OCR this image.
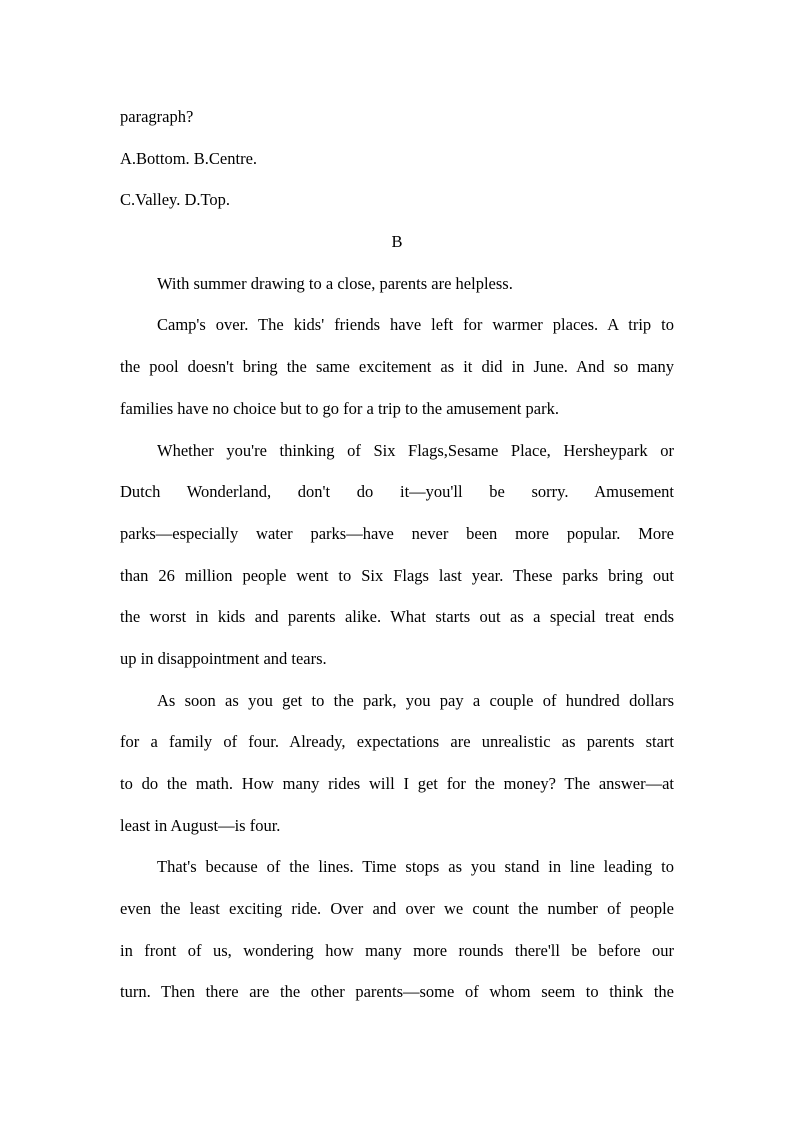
paragraph?
A.Bottom. B.Centre.
C.Valley. D.Top.
B
With summer drawing to a close, parents are helpless.
Camp's over. The kids' friends have left for warmer places. A trip to
the pool doesn't bring the same excitement as it did in June. And so many
families have no choice but to go for a trip to the amusement park.
Whether you're thinking of Six Flags,Sesame Place, Hersheypark or
Dutch Wonderland, don't do it—you'll be sorry. Amusement
parks—especially water parks—have never been more popular. More
than 26 million people went to Six Flags last year. These parks bring out
the worst in kids and parents alike. What starts out as a special treat ends
up in disappointment and tears.
As soon as you get to the park, you pay a couple of hundred dollars
for a family of four. Already, expectations are unrealistic as parents start
to do the math. How many rides will I get for the money? The answer—at
least in August—is four.
That's because of the lines. Time stops as you stand in line leading to
even the least exciting ride. Over and over we count the number of people
in front of us, wondering how many more rounds there'll be before our
turn. Then there are the other parents—some of whom seem to think the
